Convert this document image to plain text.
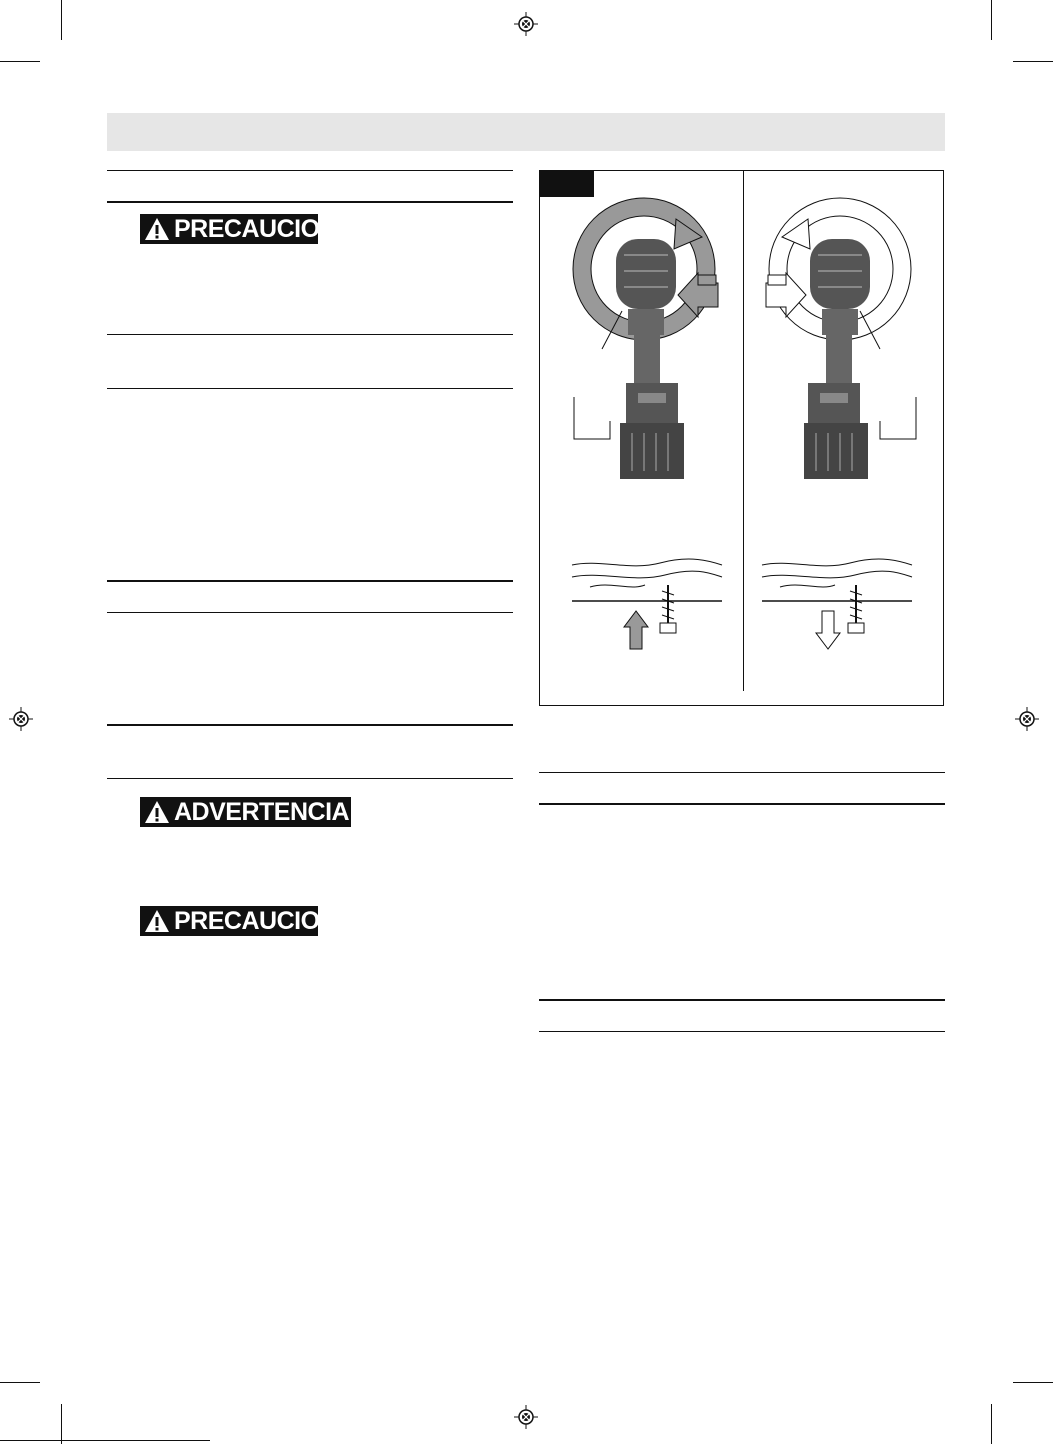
PRECAUCION
ADVERTENCIA
PRECAUCION
